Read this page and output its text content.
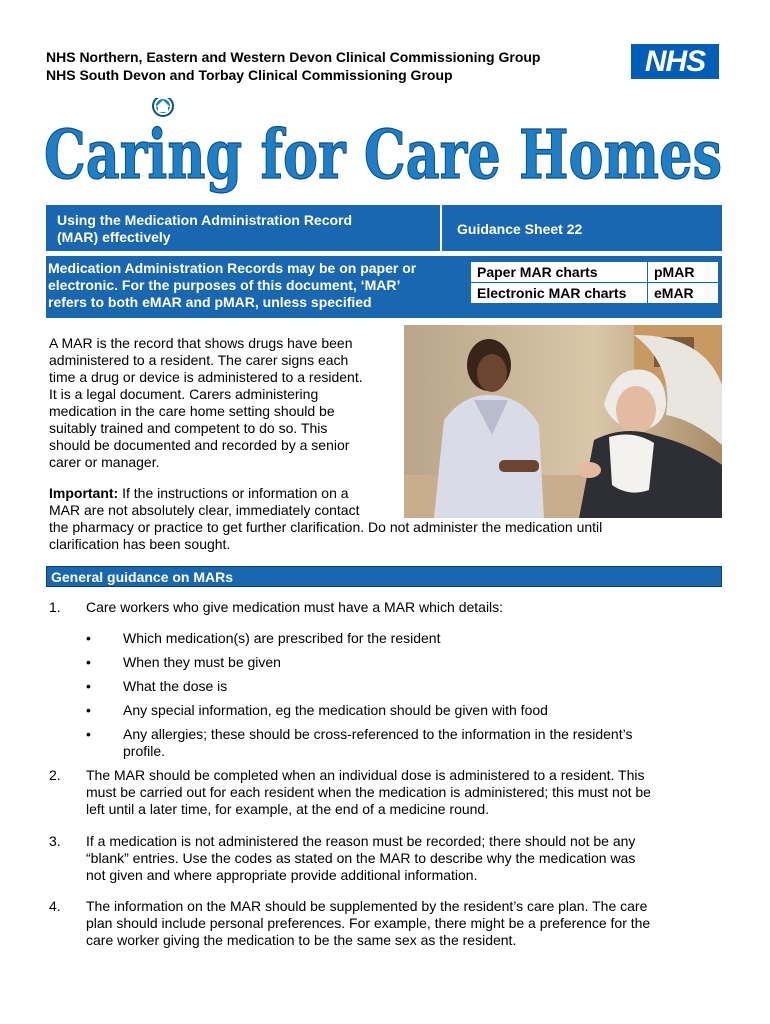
NHS Northern, Eastern and Western Devon Clinical Commissioning Group
NHS South Devon and Torbay Clinical Commissioning Group	NHS
Caring for Care Homes
Using the Medication Administration Record
(MAR) effectively	Guidance Sheet 22
Medication Administration Records may be on paper or
electronic. For the purposes of this document, ‘MAR’
refers to both eMAR and pMAR, unless specified
Paper MAR charts	pMAR
Electronic MAR charts	eMAR
A MAR is the record that shows drugs have been
administered to a resident. The carer signs each
time a drug or device is administered to a resident.
It is a legal document. Carers administering
medication in the care home setting should be
suitably trained and competent to do so. This
should be documented and recorded by a senior
carer or manager.
Important: If the instructions or information on a
MAR are not absolutely clear, immediately contact
the pharmacy or practice to get further clarification. Do not administer the medication until
clarification has been sought.
General guidance on MARs
1. Care workers who give medication must have a MAR which details:
• Which medication(s) are prescribed for the resident
• When they must be given
• What the dose is
• Any special information, eg the medication should be given with food
• Any allergies; these should be cross-referenced to the information in the resident’s
profile.
2. The MAR should be completed when an individual dose is administered to a resident. This
must be carried out for each resident when the medication is administered; this must not be
left until a later time, for example, at the end of a medicine round.
3. If a medication is not administered the reason must be recorded; there should not be any
“blank” entries. Use the codes as stated on the MAR to describe why the medication was
not given and where appropriate provide additional information.
4. The information on the MAR should be supplemented by the resident’s care plan. The care
plan should include personal preferences. For example, there might be a preference for the
care worker giving the medication to be the same sex as the resident.
